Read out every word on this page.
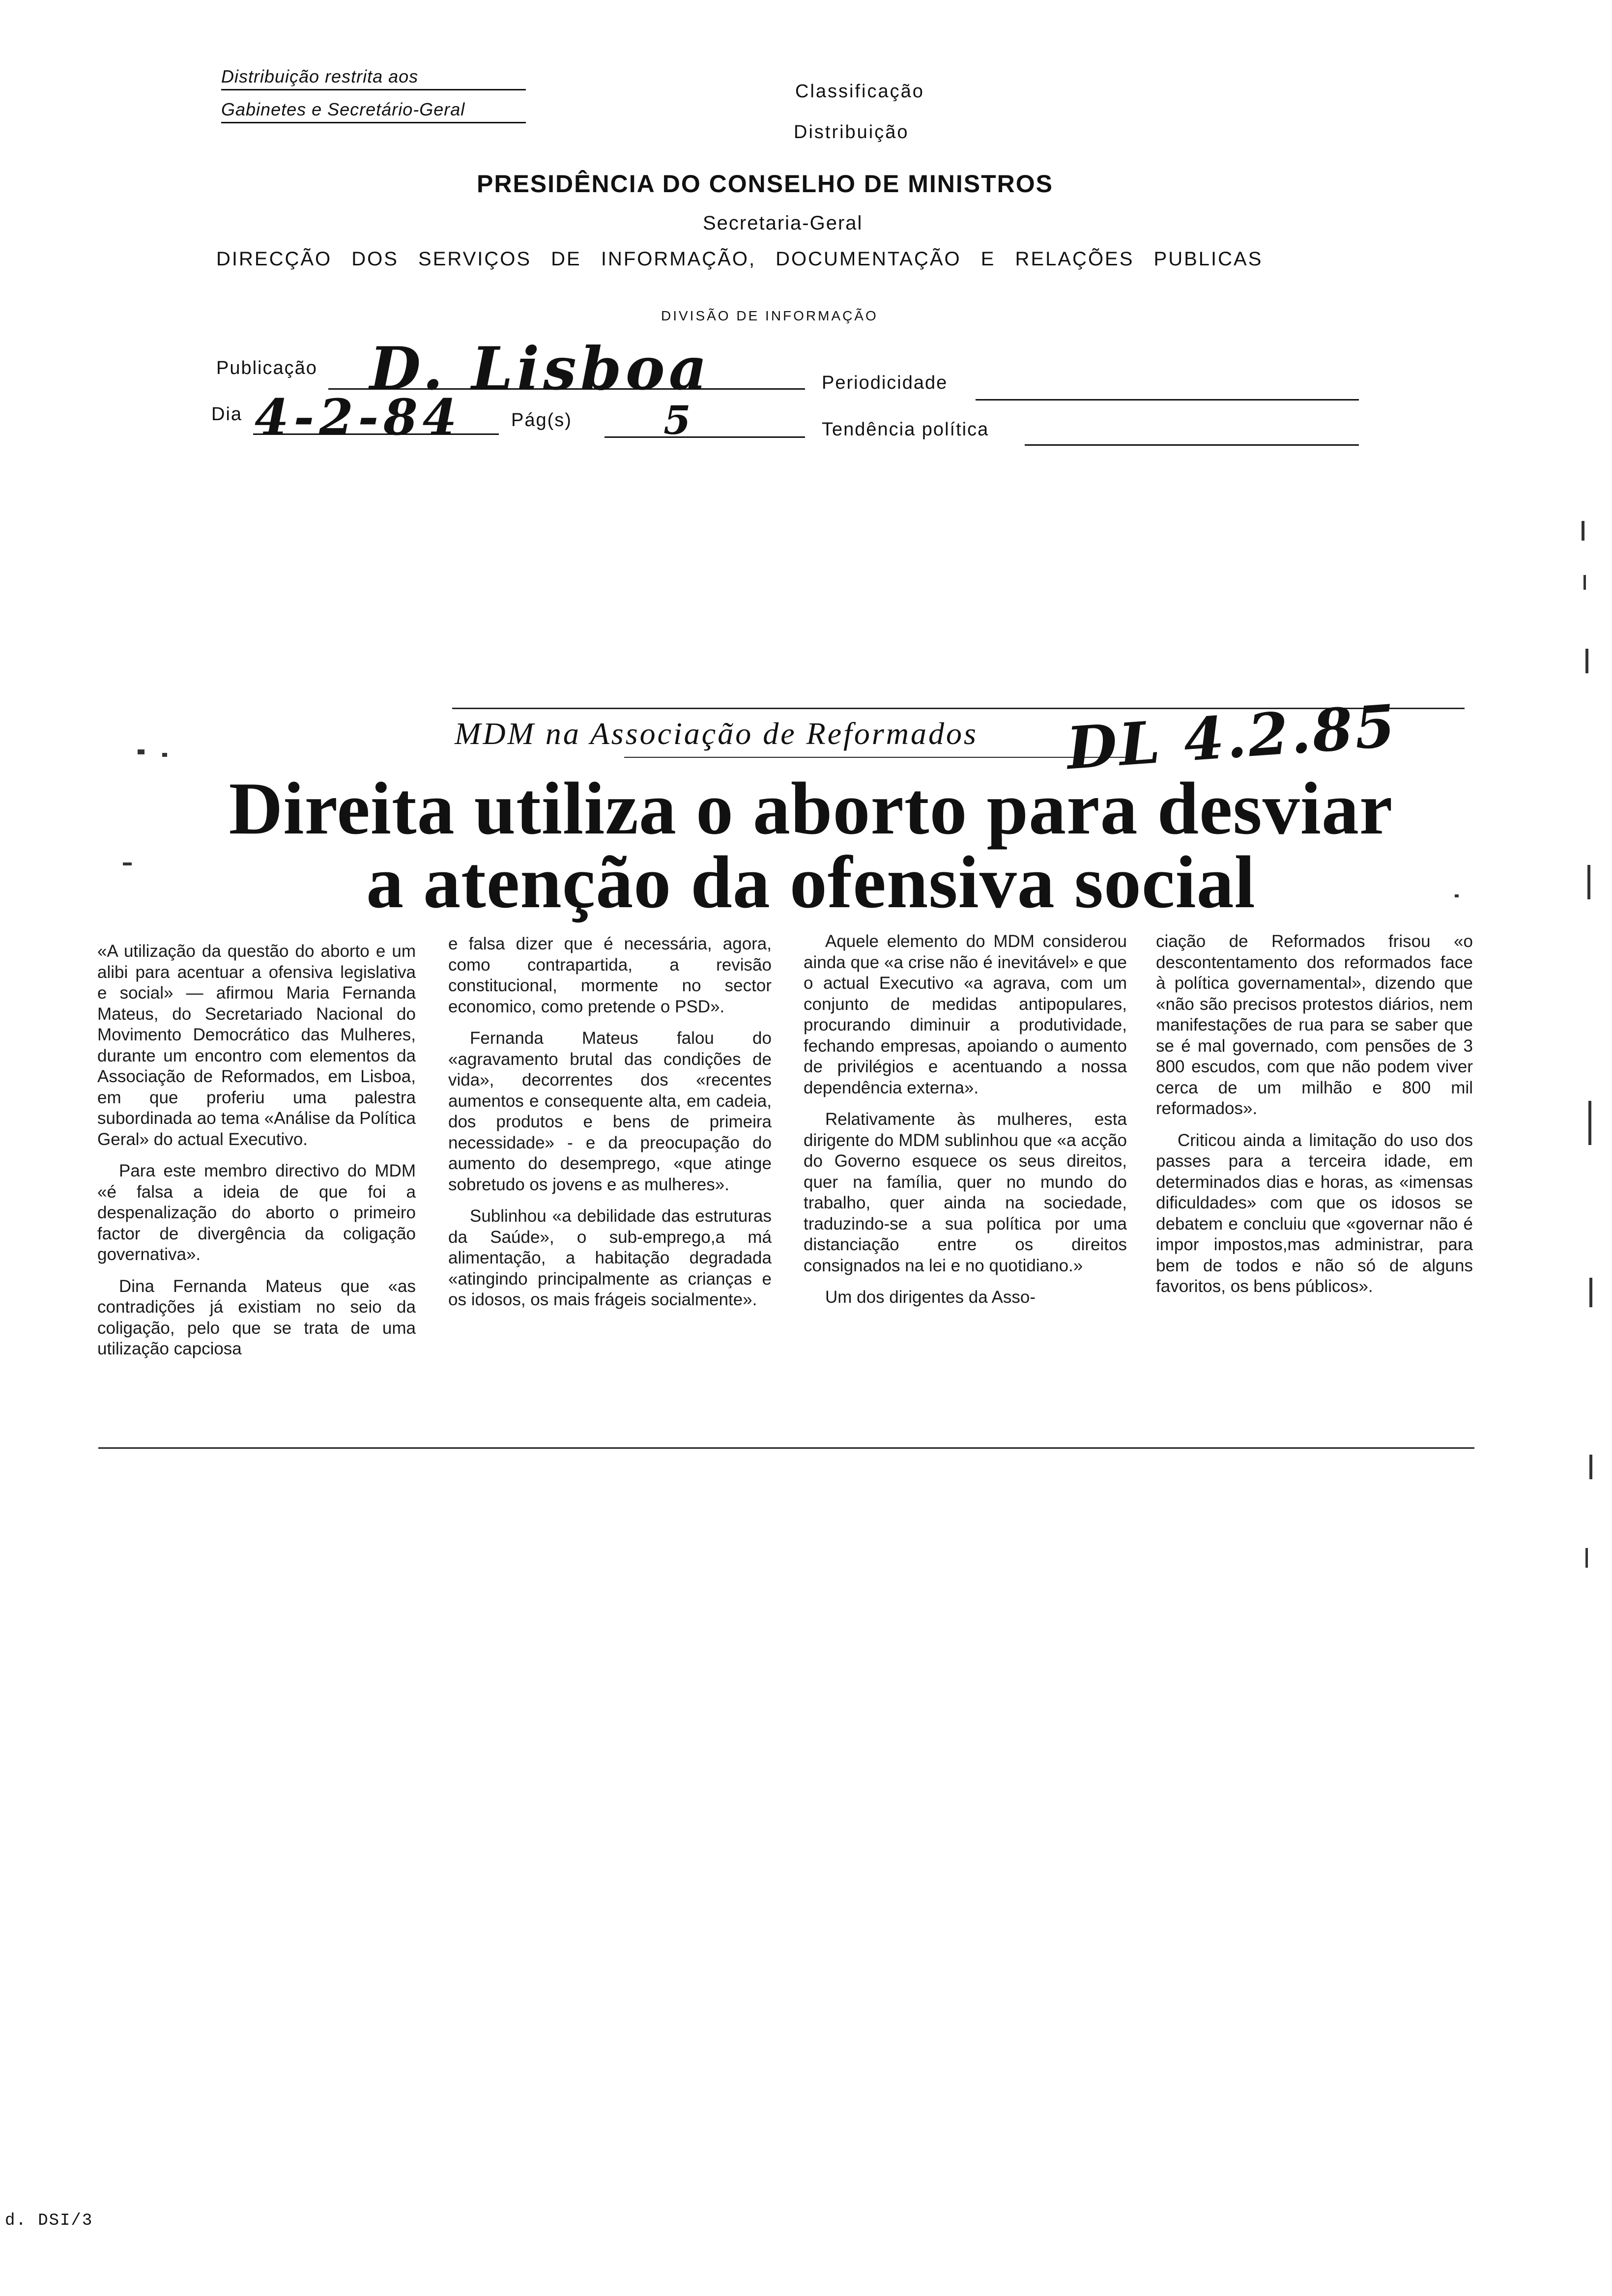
Distribuição restrita aos
Gabinetes e Secretário-Geral
Classificação
Distribuição
PRESIDÊNCIA DO CONSELHO DE MINISTROS
Secretaria-Geral
DIRECÇÃO DOS SERVIÇOS DE INFORMAÇÃO, DOCUMENTAÇÃO E RELAÇÕES PUBLICAS
DIVISÃO DE INFORMAÇÃO
Publicação D. Lisboa	Periodicidade
Dia 4-2-84	Pág(s) 5	Tendência política
MDM na Associação de Reformados DL 4.2.85
Direita utiliza o aborto para desviar
a atenção da ofensiva social

«A utilização da questão do aborto e um alibi para acentuar a ofensiva legislativa e social» — afirmou Maria Fernanda Mateus, do Secretariado Nacional do Movimento Democrático das Mulheres, durante um encontro com elementos da Associação de Reformados, em Lisboa, em que proferiu uma palestra subordinada ao tema «Análise da Política Geral» do actual Executivo.

Para este membro directivo do MDM «é falsa a ideia de que foi a despenalização do aborto o primeiro factor de divergência da coligação governativa».

Dina Fernanda Mateus que «as contradições já existiam no seio da coligação, pelo que se trata de uma utilização capciosa

e falsa dizer que é necessária, agora, como contrapartida, a revisão constitucional, mormente no sector economico, como pretende o PSD».

Fernanda Mateus falou do «agravamento brutal das condições de vida», decorrentes dos «recentes aumentos e consequente alta, em cadeia, dos produtos e bens de primeira necessidade» - e da preocupação do aumento do desemprego, «que atinge sobretudo os jovens e as mulheres».

Sublinhou «a debilidade das estruturas da Saúde», o sub-emprego,a má alimentação, a habitação degradada «atingindo principalmente as crianças e os idosos, os mais frágeis socialmente».

Aquele elemento do MDM considerou ainda que «a crise não é inevitável» e que o actual Executivo «a agrava, com um conjunto de medidas antipopulares, procurando diminuir a produtividade, fechando empresas, apoiando o aumento de privilégios e acentuando a nossa dependência externa».

Relativamente às mulheres, esta dirigente do MDM sublinhou que «a acção do Governo esquece os seus direitos, quer na família, quer no mundo do trabalho, quer ainda na sociedade, traduzindo-se a sua política por uma distanciação entre os direitos consignados na lei e no quotidiano.»

Um dos dirigentes da Asso-

ciação de Reformados frisou «o descontentamento dos reformados face à política governamental», dizendo que «não são precisos protestos diários, nem manifestações de rua para se saber que se é mal governado, com pensões de 3 800 escudos, com que não podem viver cerca de um milhão e 800 mil reformados».

Criticou ainda a limitação do uso dos passes para a terceira idade, em determinados dias e horas, as «imensas dificuldades» com que os idosos se debatem e concluiu que «governar não é impor impostos,mas administrar, para bem de todos e não só de alguns favoritos, os bens públicos».

d. DSI/3
